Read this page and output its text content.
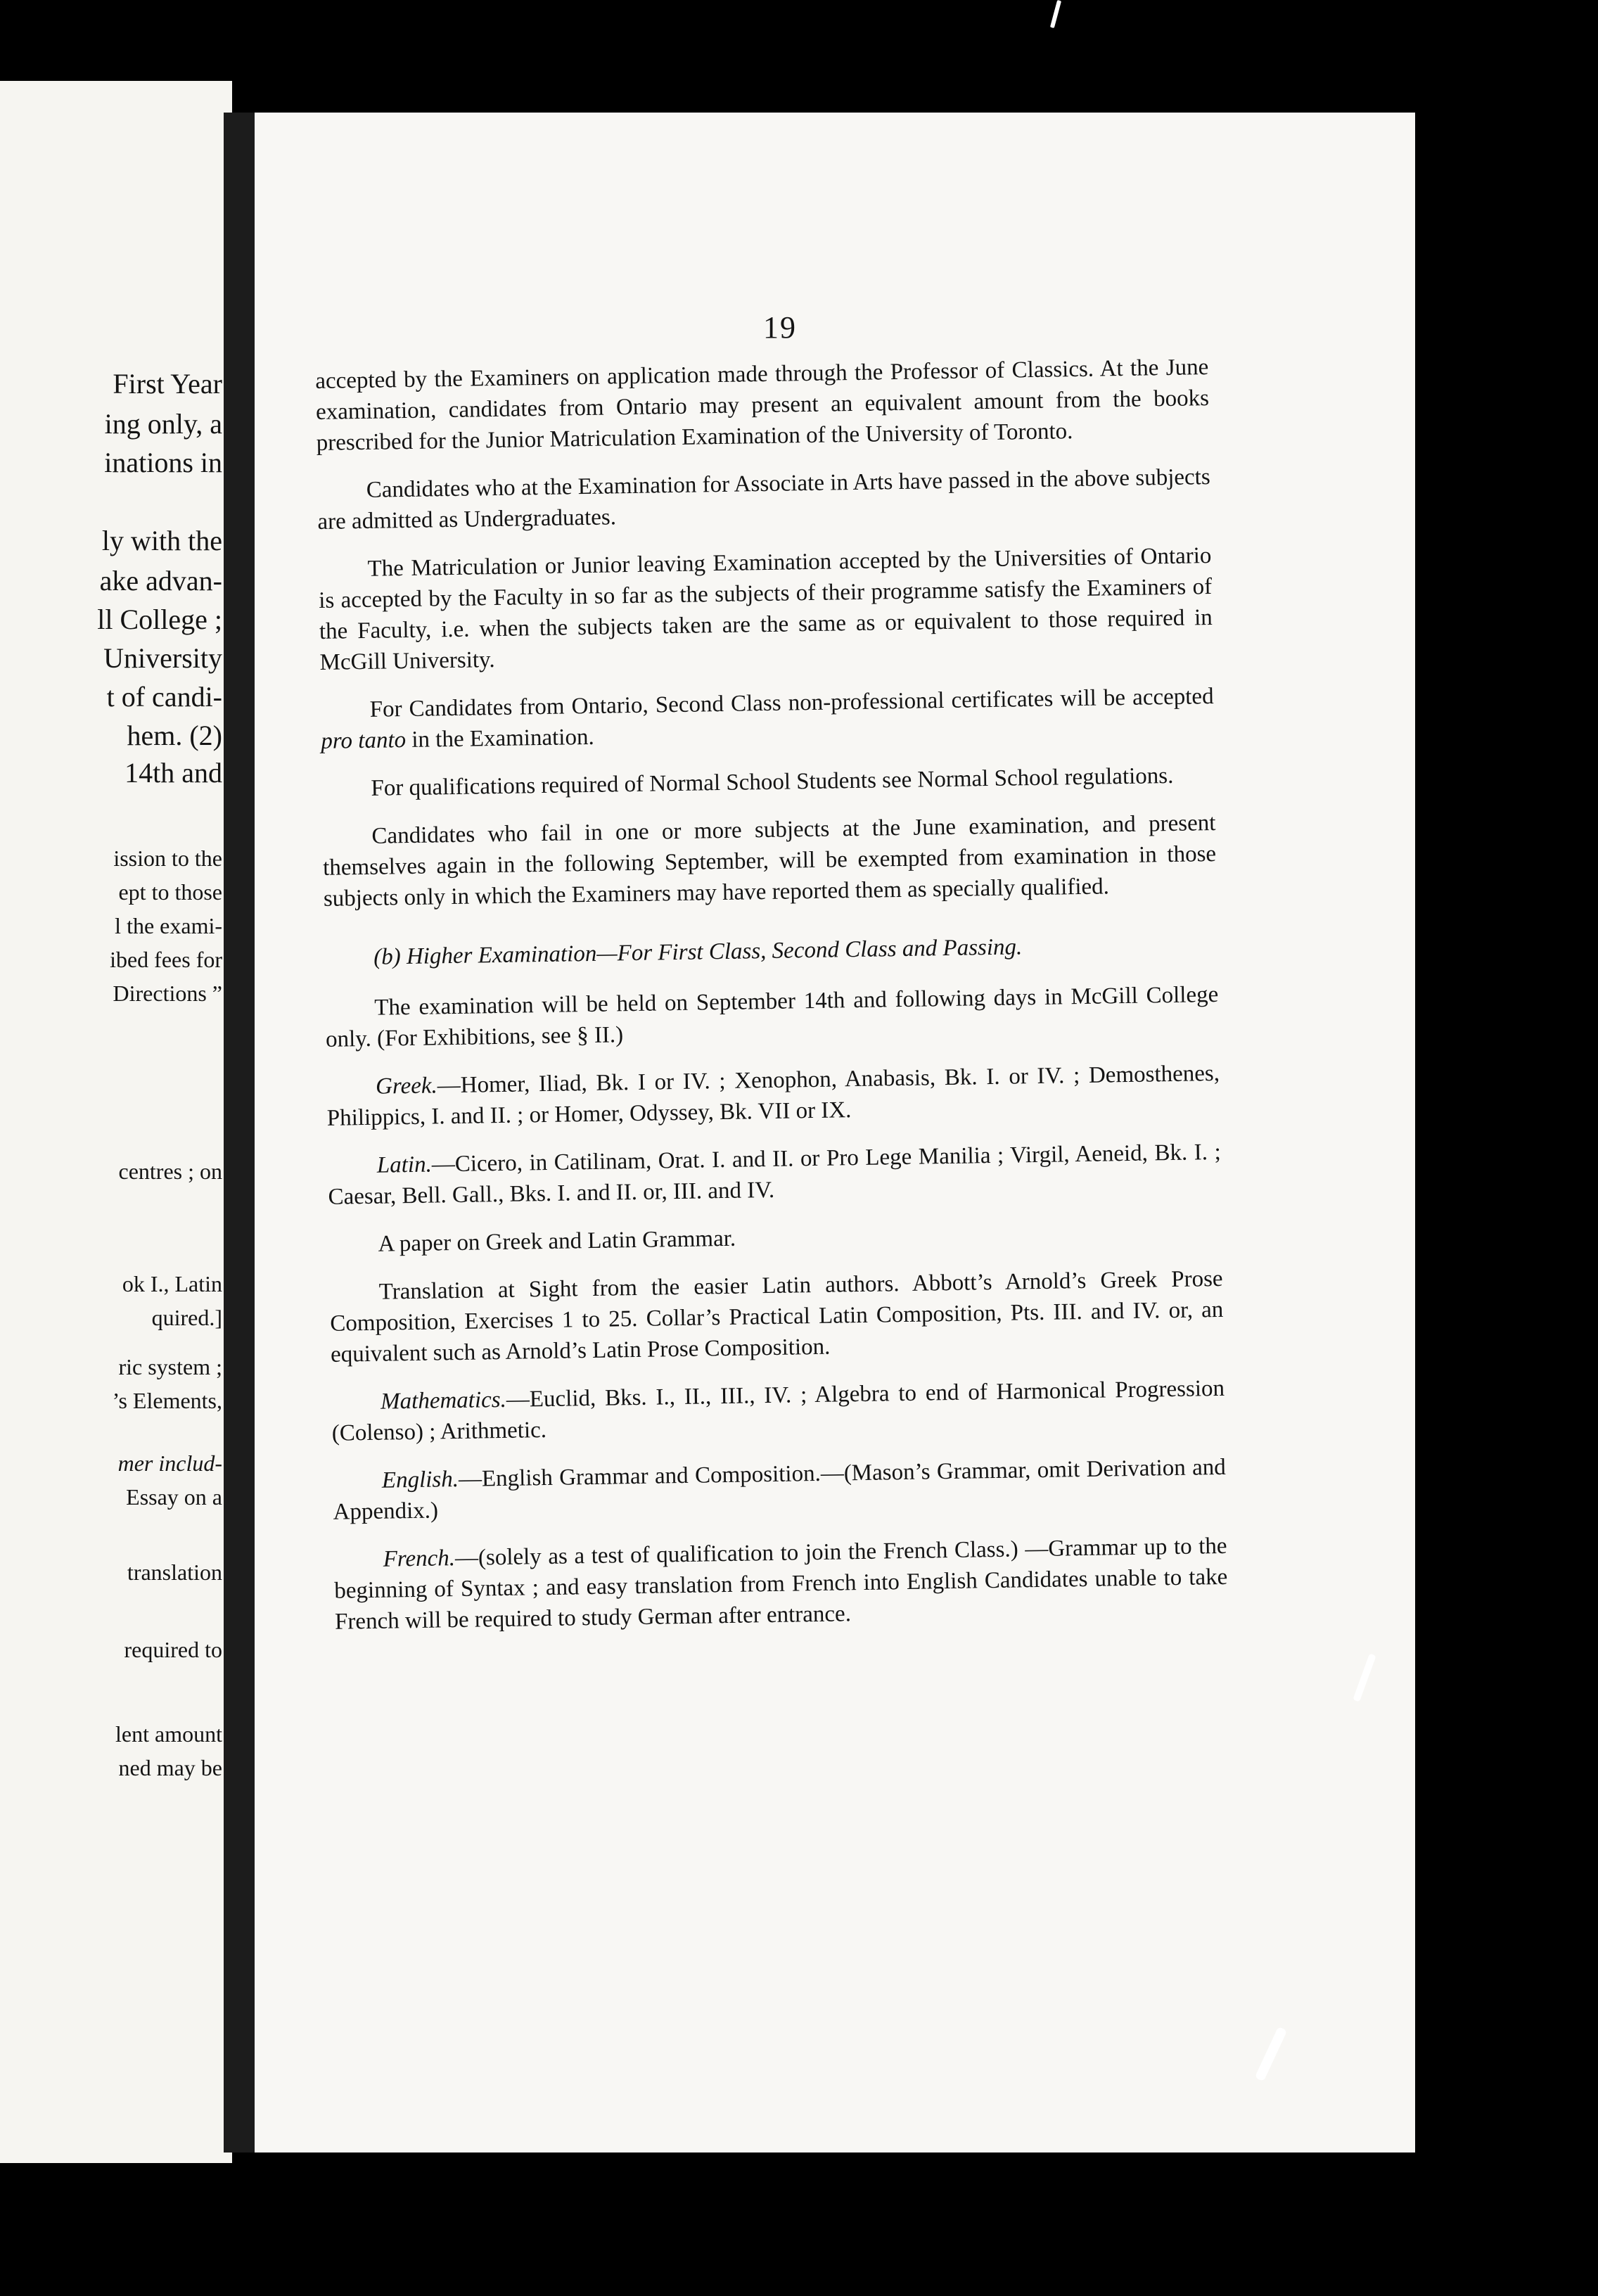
First Year
ing only, a
inations in
ly with the
ake advan-
ll College ;
University
t of candi-
hem. (2)
14th and
ission to the
ept to those
l the exami-
ibed fees for
Directions ”
centres ; on
ok I., Latin
quired.]
ric system ;
’s Elements,
mer includ-
Essay on a
translation
required to
lent amount
ned may be
19

accepted by the Examiners on application made through the Professor of Classics. At the June examination, candidates from Ontario may present an equivalent amount from the books prescribed for the Junior Matriculation Examination of the University of Toronto.

Candidates who at the Examination for Associate in Arts have passed in the above subjects are admitted as Undergraduates.

The Matriculation or Junior leaving Examination accepted by the Universities of Ontario is accepted by the Faculty in so far as the subjects of their programme satisfy the Examiners of the Faculty, i.e. when the subjects taken are the same as or equivalent to those required in McGill University.

For Candidates from Ontario, Second Class non-professional certificates will be accepted pro tanto in the Examination.

For qualifications required of Normal School Students see Normal School regulations.

Candidates who fail in one or more subjects at the June examination, and present themselves again in the following September, will be exempted from examination in those subjects only in which the Examiners may have reported them as specially qualified.

(b) Higher Examination—For First Class, Second Class and Passing.

The examination will be held on September 14th and following days in McGill College only. (For Exhibitions, see § II.)

Greek.—Homer, Iliad, Bk. I or IV. ; Xenophon, Anabasis, Bk. I. or IV. ; Demosthenes, Philippics, I. and II. ; or Homer, Odyssey, Bk. VII or IX.

Latin.—Cicero, in Catilinam, Orat. I. and II. or Pro Lege Manilia ; Virgil, Aeneid, Bk. I. ; Caesar, Bell. Gall., Bks. I. and II. or, III. and IV.

A paper on Greek and Latin Grammar.

Translation at Sight from the easier Latin authors. Abbott’s Arnold’s Greek Prose Composition, Exercises 1 to 25. Collar’s Practical Latin Composition, Pts. III. and IV. or, an equivalent such as Arnold’s Latin Prose Composition.

Mathematics.—Euclid, Bks. I., II., III., IV. ; Algebra to end of Harmonical Progression (Colenso) ; Arithmetic.

English.—English Grammar and Composition.—(Mason’s Grammar, omit Derivation and Appendix.)

French.—(solely as a test of qualification to join the French Class.) —Grammar up to the beginning of Syntax ; and easy translation from French into English Candidates unable to take French will be required to study German after entrance.
